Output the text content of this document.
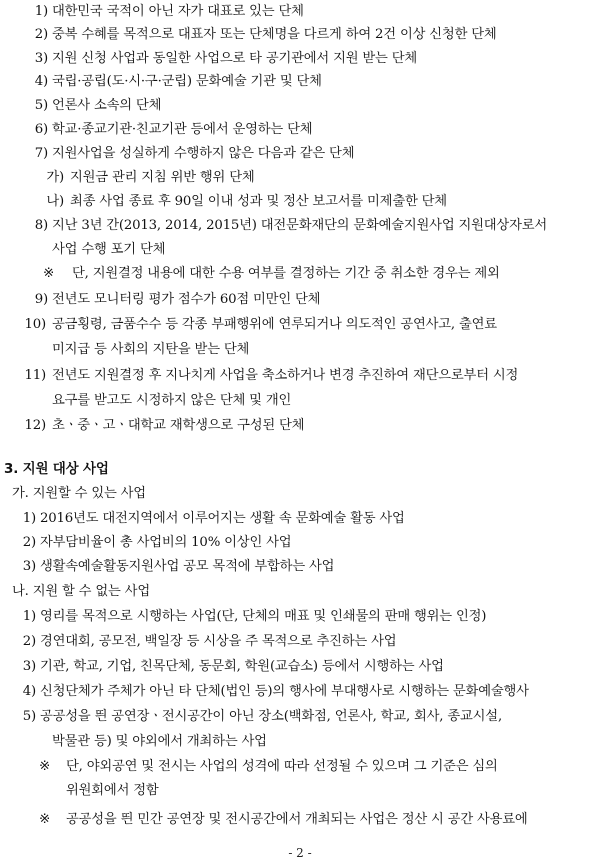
1) 대한민국 국적이 아닌 자가 대표로 있는 단체
2) 중복 수혜를 목적으로 대표자 또는 단체명을 다르게 하여 2건 이상 신청한 단체
3) 지원 신청 사업과 동일한 사업으로 타 공기관에서 지원 받는 단체
4) 국립·공립(도·시·구·군립) 문화예술 기관 및 단체
5) 언론사 소속의 단체
6) 학교·종교기관·친교기관 등에서 운영하는 단체
7) 지원사업을 성실하게 수행하지 않은 다음과 같은 단체
가) 지원금 관리 지침 위반 행위 단체
나) 최종 사업 종료 후 90일 이내 성과 및 정산 보고서를 미제출한 단체
8) 지난 3년 간(2013, 2014, 2015년) 대전문화재단의 문화예술지원사업 지원대상자로서
사업 수행 포기 단체
※ 단, 지원결정 내용에 대한 수용 여부를 결정하는 기간 중 취소한 경우는 제외
9) 전년도 모니터링 평가 점수가 60점 미만인 단체
10) 공금횡령, 금품수수 등 각종 부패행위에 연루되거나 의도적인 공연사고, 출연료
미지급 등 사회의 지탄을 받는 단체
11) 전년도 지원결정 후 지나치게 사업을 축소하거나 변경 추진하여 재단으로부터 시정
요구를 받고도 시정하지 않은 단체 및 개인
12) 초ㆍ중ㆍ고ㆍ대학교 재학생으로 구성된 단체
3. 지원 대상 사업
가. 지원할 수 있는 사업
1) 2016년도 대전지역에서 이루어지는 생활 속 문화예술 활동 사업
2) 자부담비율이 총 사업비의 10% 이상인 사업
3) 생활속예술활동지원사업 공모 목적에 부합하는 사업
나. 지원 할 수 없는 사업
1) 영리를 목적으로 시행하는 사업(단, 단체의 매표 및 인쇄물의 판매 행위는 인정)
2) 경연대회, 공모전, 백일장 등 시상을 주 목적으로 추진하는 사업
3) 기관, 학교, 기업, 친목단체, 동문회, 학원(교습소) 등에서 시행하는 사업
4) 신청단체가 주체가 아닌 타 단체(법인 등)의 행사에 부대행사로 시행하는 문화예술행사
5) 공공성을 띈 공연장ㆍ전시공간이 아닌 장소(백화점, 언론사, 학교, 회사, 종교시설,
박물관 등) 및 야외에서 개최하는 사업
※ 단, 야외공연 및 전시는 사업의 성격에 따라 선정될 수 있으며 그 기준은 심의
위원회에서 정함
※ 공공성을 띈 민간 공연장 및 전시공간에서 개최되는 사업은 정산 시 공간 사용료에
- 2 -
